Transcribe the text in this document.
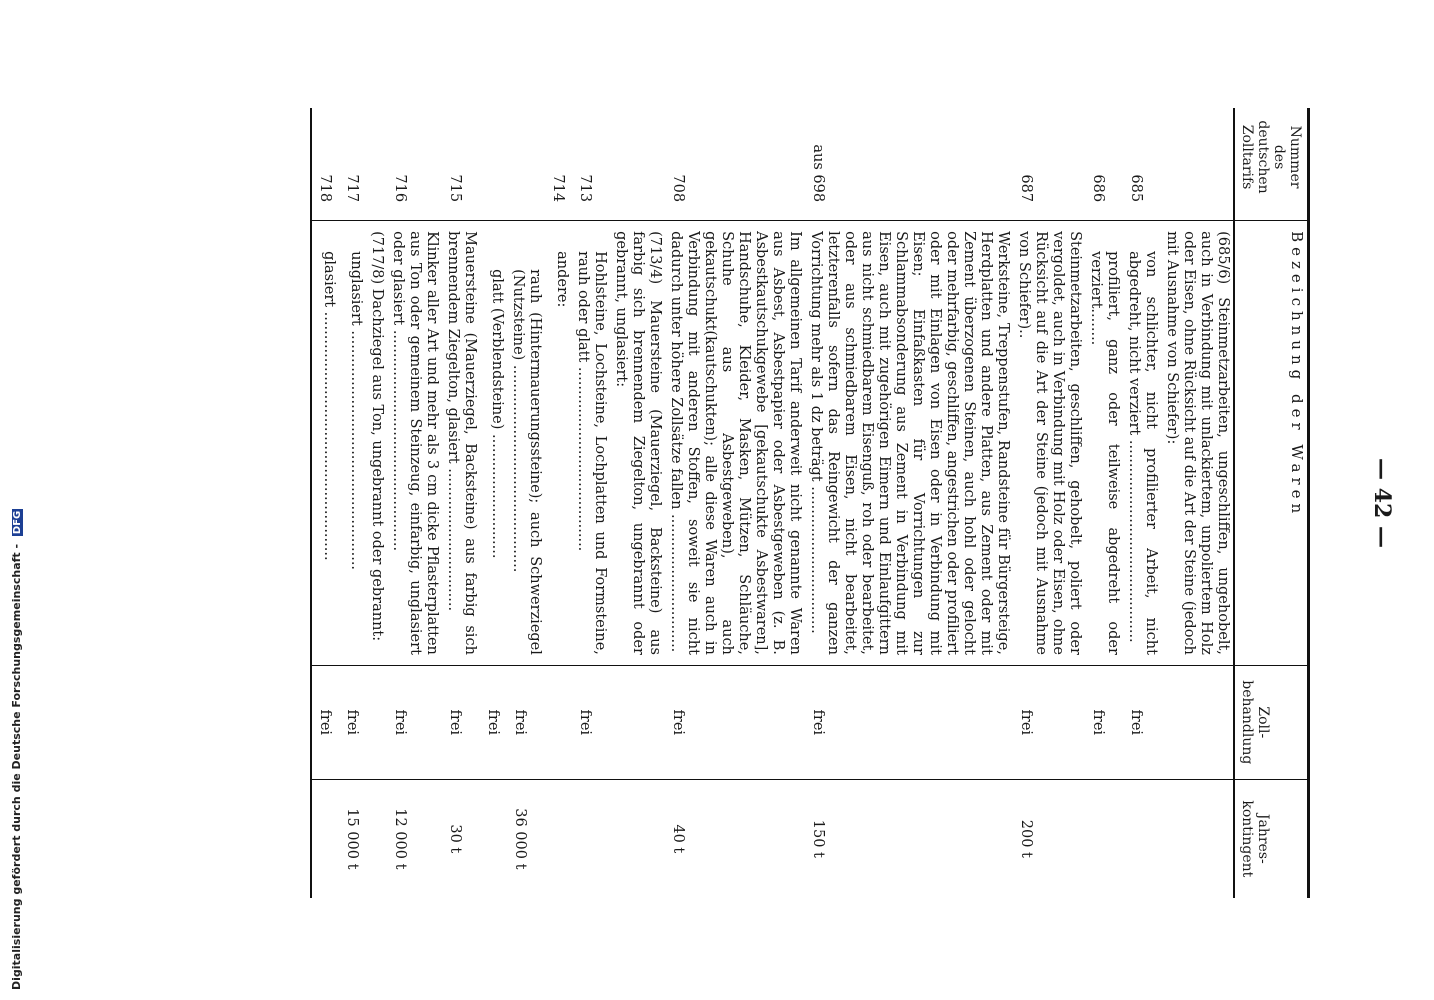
Digitalisierung gefördert durch die Deutsche Forschungsgemeinschaft - DFG	— 42 —
Nummer des deutschen Zolltarifs	Bezeichnung der Waren	Zoll-behandlung	Jahres-kontingent
	(685/6) Steinmetzarbeiten, ungeschliffen, ungehobelt, auch in Verbindung mit unlackiertem, unpoliertem Holz oder Eisen, ohne Rücksicht auf die Art der Steine (jedoch mit Ausnahme von Schiefer):		
685	von schlichter, nicht profilierter Arbeit, nicht abgedreht, nicht verziert ............................................	frei	
686	profiliert, ganz oder teilweise abgedreht oder verziert........	frei	
687	Steinmetzarbeiten, geschliffen, gehobelt, poliert oder vergoldet, auch in Verbindung mit Holz oder Eisen, ohne Rücksicht auf die Art der Steine (jedoch mit Ausnahme von Schiefer)..	frei	200 t
aus 698	Werksteine, Treppenstufen, Randsteine für Bürgersteige, Herdplatten und andere Platten, aus Zement oder mit Zement überzogenen Steinen, auch hohl oder gelocht oder mehrfarbig, geschliffen, angestrichen oder profiliert oder mit Einlagen von Eisen oder in Verbindung mit Eisen; Einfaßkasten für Vorrichtungen zur Schlammabsonderung aus Zement in Verbindung mit Eisen, auch mit zugehörigen Eimern und Einlaufgittern aus nicht schmiedbarem Eisenguß, roh oder bearbeitet, oder aus schmiedbarem Eisen, nicht bearbeitet, letzterenfalls sofern das Reingewicht der ganzen Vorrichtung mehr als 1 dz beträgt ................................	frei	150 t
708	Im allgemeinen Tarif anderweit nicht genannte Waren aus Asbest, Asbestpapier oder Asbestgeweben (z. B. Asbestkautschukgewebe [gekautschukte Asbestwaren], Handschuhe, Kleider, Masken, Mützen, Schläuche, Schuhe aus Asbestgeweben), auch gekautschukt(kautschukten); alle diese Waren auch in Verbindung mit anderen Stoffen, soweit sie nicht dadurch unter höhere Zollsätze fallen ..............................	frei	40 t
	(713/4) Mauersteine (Mauerziegel, Backsteine) aus farbig sich brennendem Ziegelton, ungebrannt oder gebrannt, unglasiert:		
713	Hohlsteine, Lochsteine, Lochplatten und Formsteine, rauh oder glatt ........................................	frei	
714	andere:		
	rauh (Hintermauerungssteine); auch Schwerziegel (Nutzsteine) .............................................	frei	36 000 t
	glatt (Verblendsteine) ...........................	frei	
715	Mauersteine (Mauerziegel, Backsteine) aus farbig sich brennendem Ziegelton, glasiert ...............................	frei	30 t
716	Klinker aller Art und mehr als 3 cm dicke Pflasterplatten aus Ton oder gemeinem Steinzeug, einfarbig, unglasiert oder glasiert ................................................	frei	12 000 t
	(717/8) Dachziegel aus Ton, ungebrannt oder gebrannt:		
717	unglasiert ....................................................	frei	15 000 t
718	glasiert ......................................................	frei	
